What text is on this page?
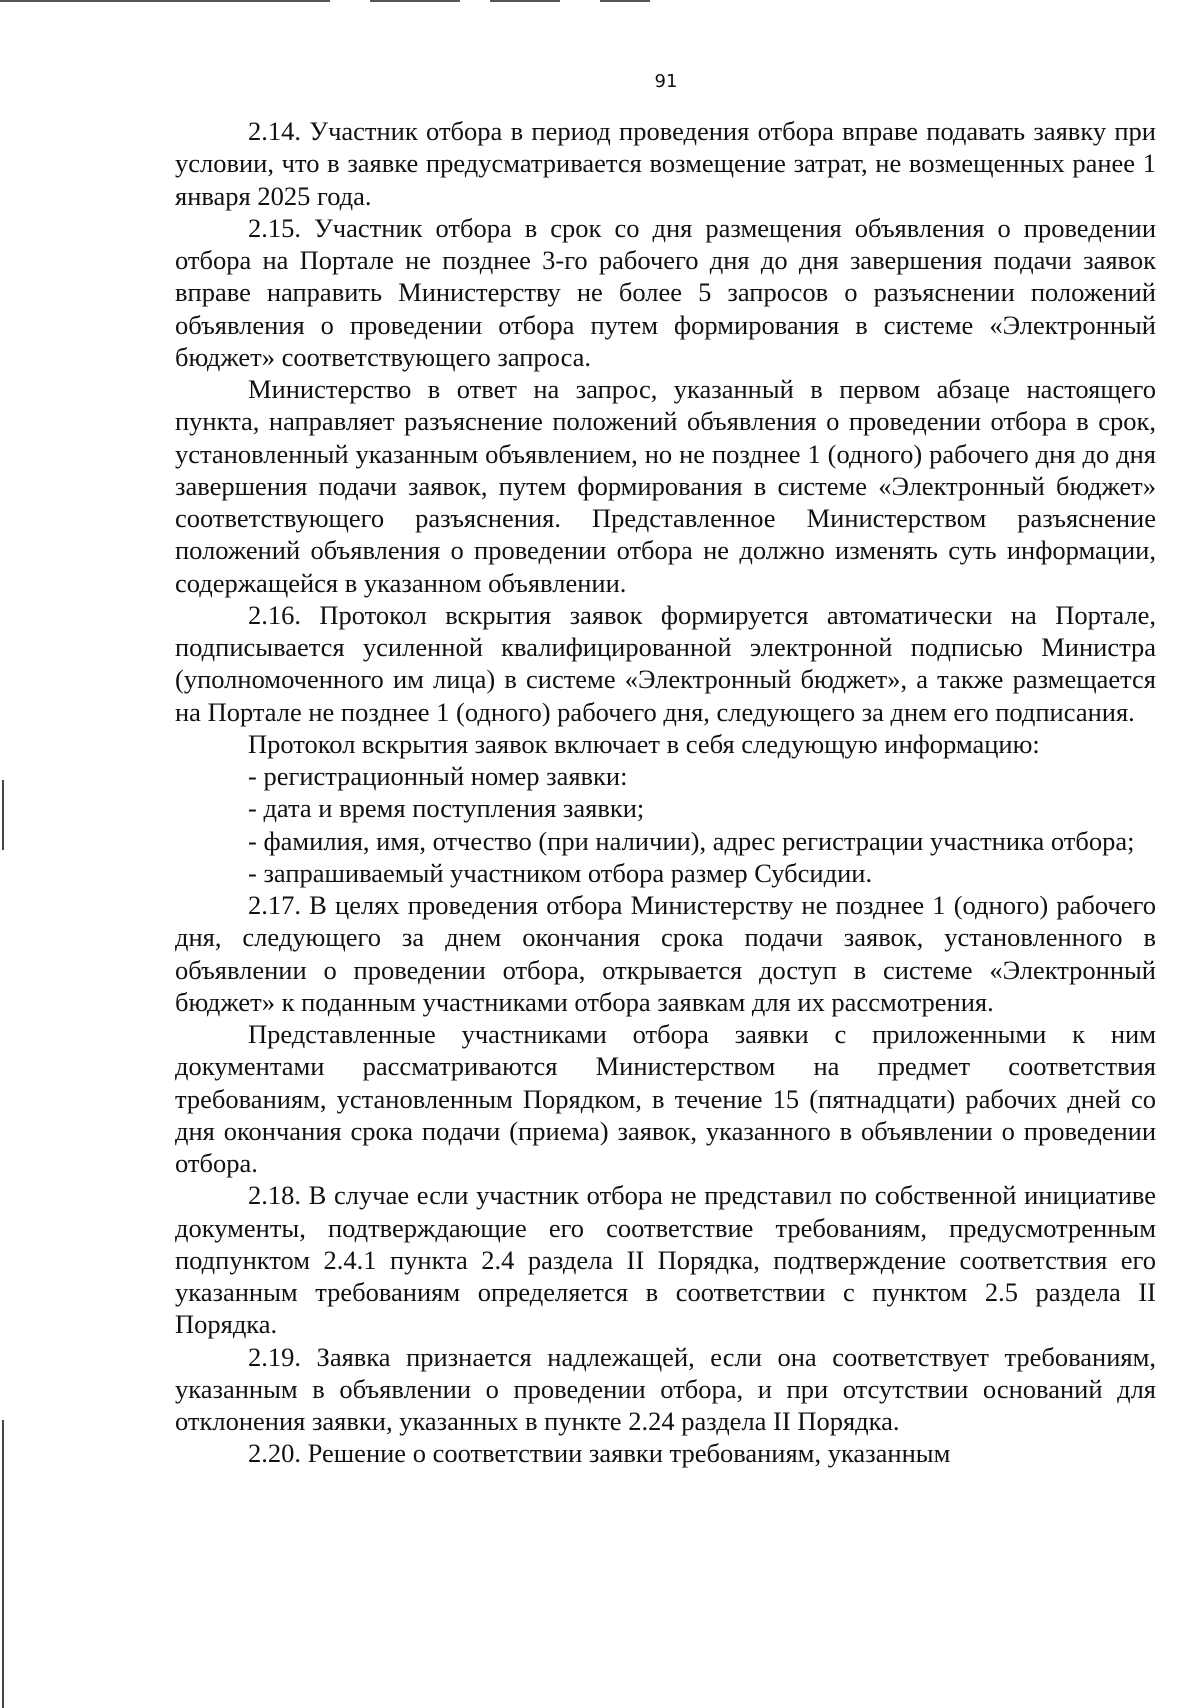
91

2.14. Участник отбора в период проведения отбора вправе подавать заявку при условии, что в заявке предусматривается возмещение затрат, не возмещенных ранее 1 января 2025 года.

2.15. Участник отбора в срок со дня размещения объявления о проведении отбора на Портале не позднее 3-го рабочего дня до дня завершения подачи заявок вправе направить Министерству не более 5 запросов о разъяснении положений объявления о проведении отбора путем формирования в системе «Электронный бюджет» соответствующего запроса.

Министерство в ответ на запрос, указанный в первом абзаце настоящего пункта, направляет разъяснение положений объявления о проведении отбора в срок, установленный указанным объявлением, но не позднее 1 (одного) рабочего дня до дня завершения подачи заявок, путем формирования в системе «Электронный бюджет» соответствующего разъяснения. Представленное Министерством разъяснение положений объявления о проведении отбора не должно изменять суть информации, содержащейся в указанном объявлении.

2.16. Протокол вскрытия заявок формируется автоматически на Портале, подписывается усиленной квалифицированной электронной подписью Министра (уполномоченного им лица) в системе «Электронный бюджет», а также размещается на Портале не позднее 1 (одного) рабочего дня, следующего за днем его подписания.

Протокол вскрытия заявок включает в себя следующую информацию:

- регистрационный номер заявки:

- дата и время поступления заявки;

- фамилия, имя, отчество (при наличии), адрес регистрации участника отбора;

- запрашиваемый участником отбора размер Субсидии.

2.17. В целях проведения отбора Министерству не позднее 1 (одного) рабочего дня, следующего за днем окончания срока подачи заявок, установленного в объявлении о проведении отбора, открывается доступ в системе «Электронный бюджет» к поданным участниками отбора заявкам для их рассмотрения.

Представленные участниками отбора заявки с приложенными к ним документами рассматриваются Министерством на предмет соответствия требованиям, установленным Порядком, в течение 15 (пятнадцати) рабочих дней со дня окончания срока подачи (приема) заявок, указанного в объявлении о проведении отбора.

2.18. В случае если участник отбора не представил по собственной инициативе документы, подтверждающие его соответствие требованиям, предусмотренным подпунктом 2.4.1 пункта 2.4 раздела II Порядка, подтверждение соответствия его указанным требованиям определяется в соответствии с пунктом 2.5 раздела II Порядка.

2.19. Заявка признается надлежащей, если она соответствует требованиям, указанным в объявлении о проведении отбора, и при отсутствии оснований для отклонения заявки, указанных в пункте 2.24 раздела II Порядка.

2.20. Решение о соответствии заявки требованиям, указанным
